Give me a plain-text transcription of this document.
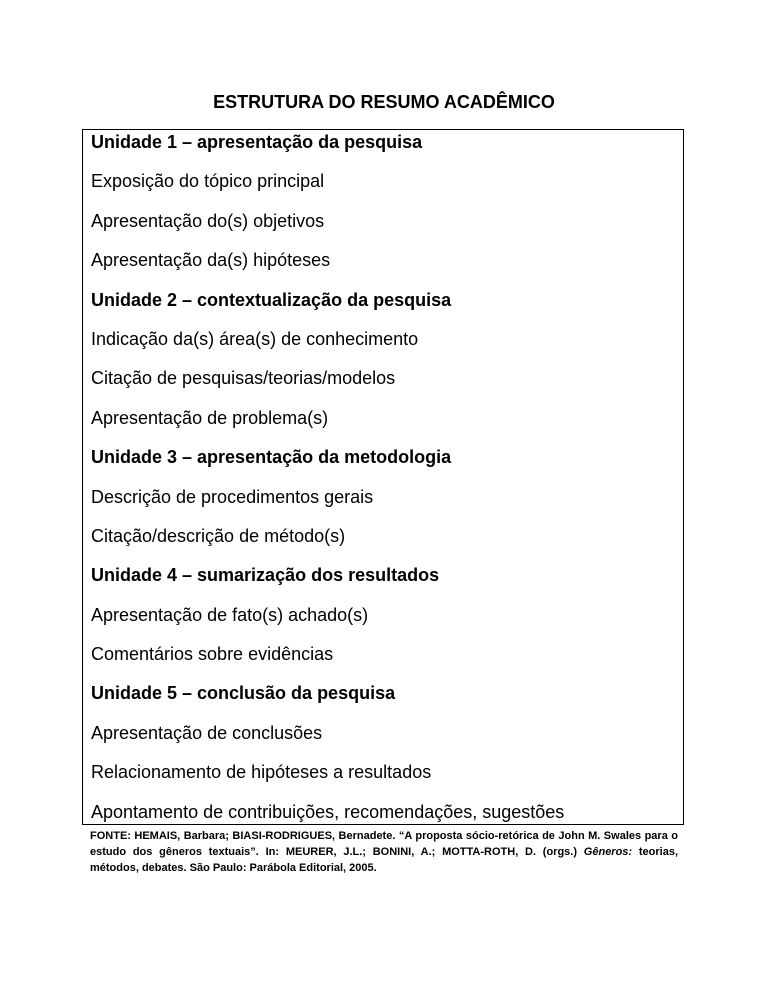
ESTRUTURA DO RESUMO ACADÊMICO
Unidade 1 – apresentação da pesquisa
Exposição do tópico principal
Apresentação do(s) objetivos
Apresentação da(s) hipóteses
Unidade 2 – contextualização da pesquisa
Indicação da(s) área(s) de conhecimento
Citação de pesquisas/teorias/modelos
Apresentação de problema(s)
Unidade 3 – apresentação da metodologia
Descrição de procedimentos gerais
Citação/descrição de método(s)
Unidade 4 – sumarização dos resultados
Apresentação de fato(s) achado(s)
Comentários sobre evidências
Unidade 5 – conclusão da pesquisa
Apresentação de conclusões
Relacionamento de hipóteses a resultados
Apontamento de contribuições, recomendações, sugestões
FONTE: HEMAIS, Barbara; BIASI-RODRIGUES, Bernadete. “A proposta sócio-retórica de John M. Swales para o estudo dos gêneros textuais”. In: MEURER, J.L.; BONINI, A.; MOTTA-ROTH, D. (orgs.) Gêneros: teorias, métodos, debates. São Paulo: Parábola Editorial, 2005.
